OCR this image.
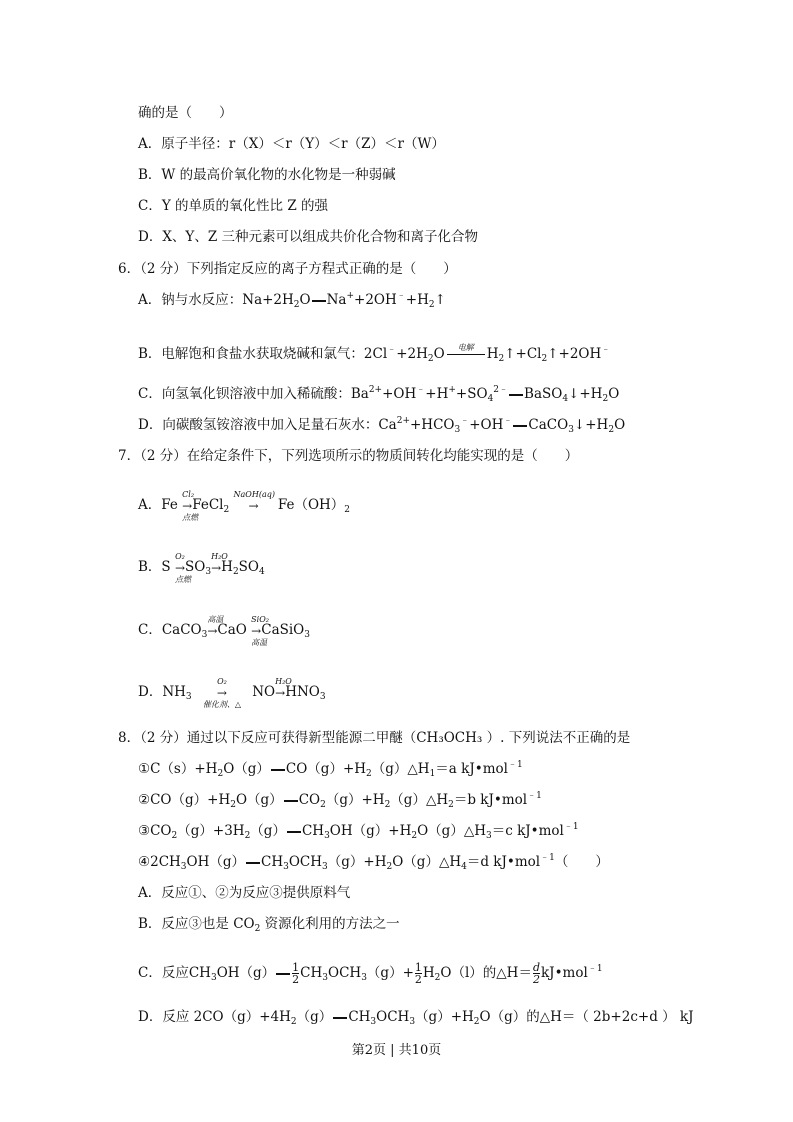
确的是（　　）
A．原子半径：r（X）＜r（Y）＜r（Z）＜r（W）
B．W 的最高价氧化物的水化物是一种弱碱
C．Y 的单质的氧化性比 Z 的强
D．X、Y、Z 三种元素可以组成共价化合物和离子化合物
6．（2 分）下列指定反应的离子方程式正确的是（　　）
A．钠与水反应：$Na+2H_2O$ $Na^++2OH^﹣+H_2↑$
B．电解饱和食盐水获取烧碱和氯气：$2Cl^﹣+2H_2O$	电解 $H_2↑+Cl_2↑+2OH^﹣$
C．向氢氧化钡溶液中加入稀硫酸：$Ba^{2+}+OH^﹣+H^++SO_4^{2﹣}$ $BaSO_4↓+H_2O$
D．向碳酸氢铵溶液中加入足量石灰水：$Ca^{2+}+HCO_3^﹣+OH^﹣$ $CaCO_3↓+H_2O$
7．（2 分）在给定条件下，下列选项所示的物质间转化均能实现的是（　　）
A．Fe
Cl₂
→
点燃
FeCl$_2$
NaOH(aq)
→ $Fe(OH)_2$
B．S
O₂
→
点燃
$SO_3$
H₂O
$\to H_2SO_4$
C．CaCO$_3$
高温
→CaO
SiO₂
→
高温
CaSiO$_3$
D．$NH_3$
O₂
→
催化剂、△
NO
H₂O
$\to HNO_3$
8．（2 分）通过以下反应可获得新型能源二甲醚（CH₃OCH₃ ）. 下列说法不正确的是
$①C(s)+H_2O(g)$ $CO(g)+H_2(g)\triangle H_1=a$ kJ•mol$^{﹣1}$
$②CO(g)+H_2O(g)$ $CO_2(g)+H_2(g)\triangle H_2=b$ kJ•mol$^{﹣1}$
$③CO_2(g)+3H_2(g)$ $CH_3OH(g)+H_2O(g)\triangle H_3=c$ kJ•mol$^{﹣1}$
$④2CH_3OH(g)$ $CH_3OCH_3(g)+H_2O(g)\triangle H_4=d$ kJ•mol$^{﹣1}$（　　）
A．反应①、②为反应③提供原料气
B．反应③也是 $CO_2$ 资源化利用的方法之一
C．反应$CH_3OH(g) \frac{1}{2} CH_3OCH_3(g)+ \frac{1}{2} H_2O(l)$的△H＝ $\frac{d}{2}$ kJ•mol$^{﹣1}$
D．反应 $2CO(g)+4H_2(g)$ $CH_3OCH_3(g)+H_2O(g)$的△H＝（ 2b+2c+d ） kJ
第2页 | 共10页
